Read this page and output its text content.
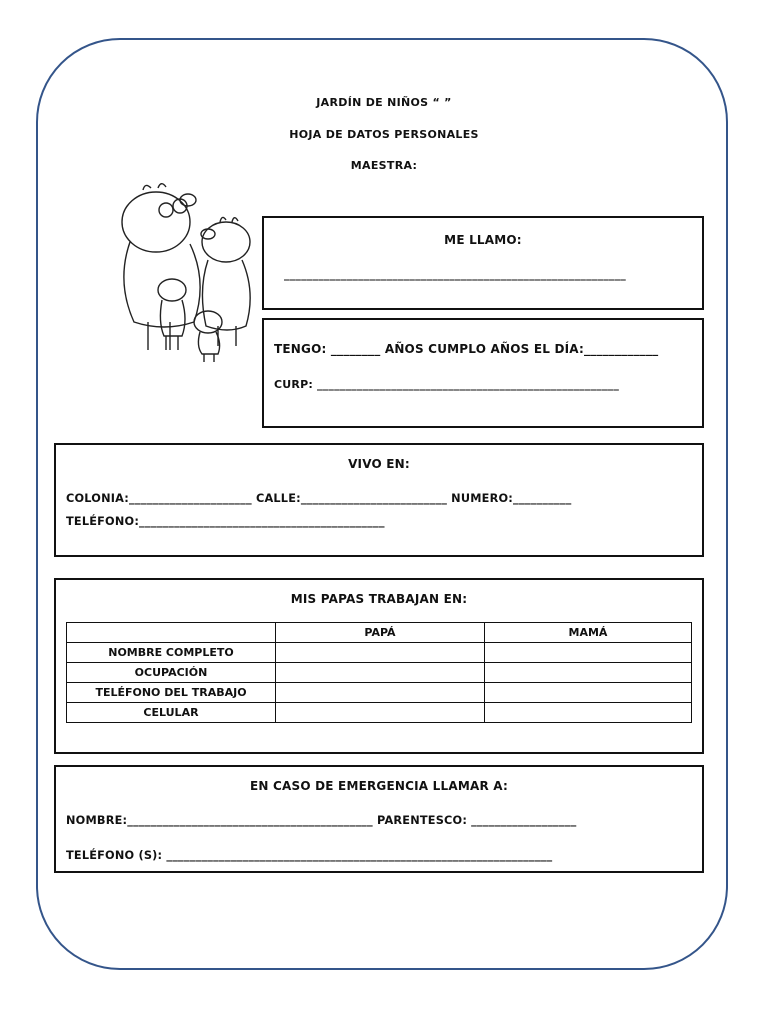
JARDÍN DE NIÑOS “ ”
HOJA DE DATOS PERSONALES
MAESTRA:
ME LLAMO:
____________________________________________________________
TENGO: ________ AÑOS CUMPLO AÑOS EL DÍA:____________
CURP: _____________________________________________________
VIVO EN:
COLONIA:_____________________ CALLE:_________________________ NUMERO:__________
TELÉFONO:__________________________________________
MIS PAPAS TRABAJAN EN:
	PAPÁ	MAMÁ
NOMBRE COMPLETO		
OCUPACIÓN		
TELÉFONO DEL TRABAJO		
CELULAR		
EN CASO DE EMERGENCIA LLAMAR A:
NOMBRE:__________________________________________ PARENTESCO: __________________
TELÉFONO (S): __________________________________________________________________
